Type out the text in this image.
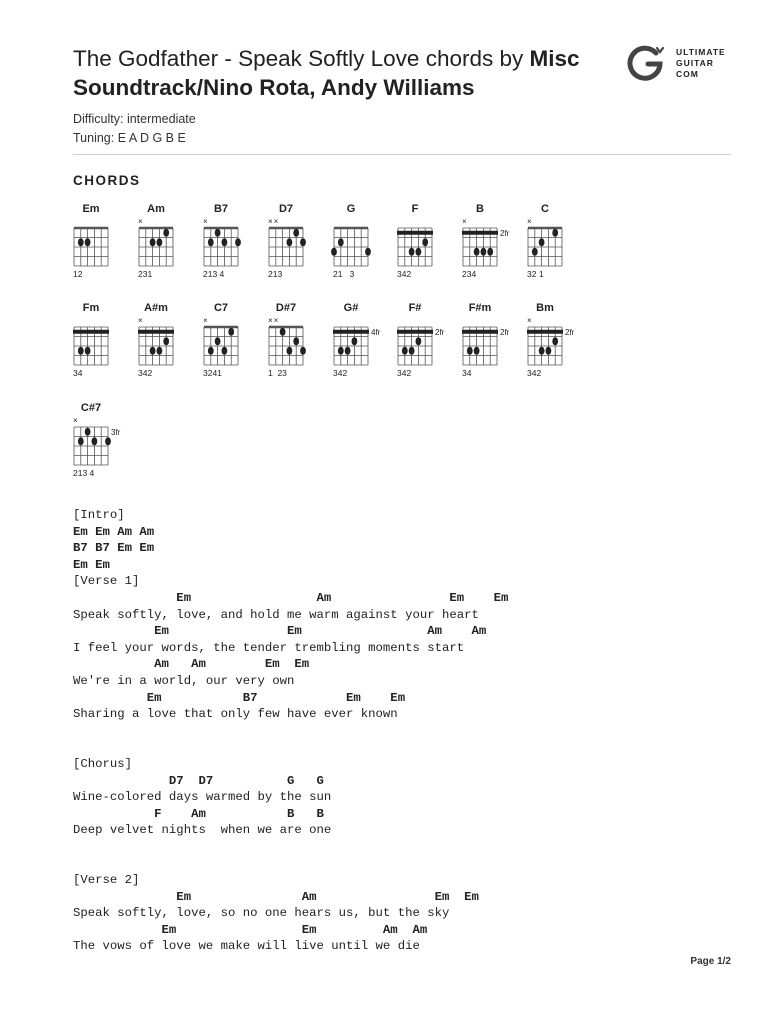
The Godfather - Speak Softly Love chords by Misc Soundtrack/Nino Rota, Andy Williams
ULTIMATE
GUITAR
COM
Difficulty: intermediate
Tuning: E A D G B E
CHORDS
Em
12
Am
×
231
B7
×
213 4
D7
××
213
G
21   3
F
342
B
×
2fr
234
C
×
32 1
Fm
34
A#m
×
342
C7
×
3241
D#7
××
1  23
G#
4fr
342
F#
2fr
342
F#m
2fr
34
Bm
×
2fr
342
C#7
×
3fr
213 4
[Intro]
Em Em Am Am
B7 B7 Em Em
Em Em
[Verse 1]
Em                 Am                Em    Em
Speak softly, love, and hold me warm against your heart
Em                Em                 Am    Am
I feel your words, the tender trembling moments start
Am   Am        Em  Em
We're in a world, our very own
Em           B7            Em    Em
Sharing a love that only few have ever known
[Chorus]
D7  D7          G   G
Wine-colored days warmed by the sun
F    Am           B   B
Deep velvet nights  when we are one
[Verse 2]
Em               Am                Em  Em
Speak softly, love, so no one hears us, but the sky
Em                 Em         Am  Am
The vows of love we make will live until we die
Page 1/2
